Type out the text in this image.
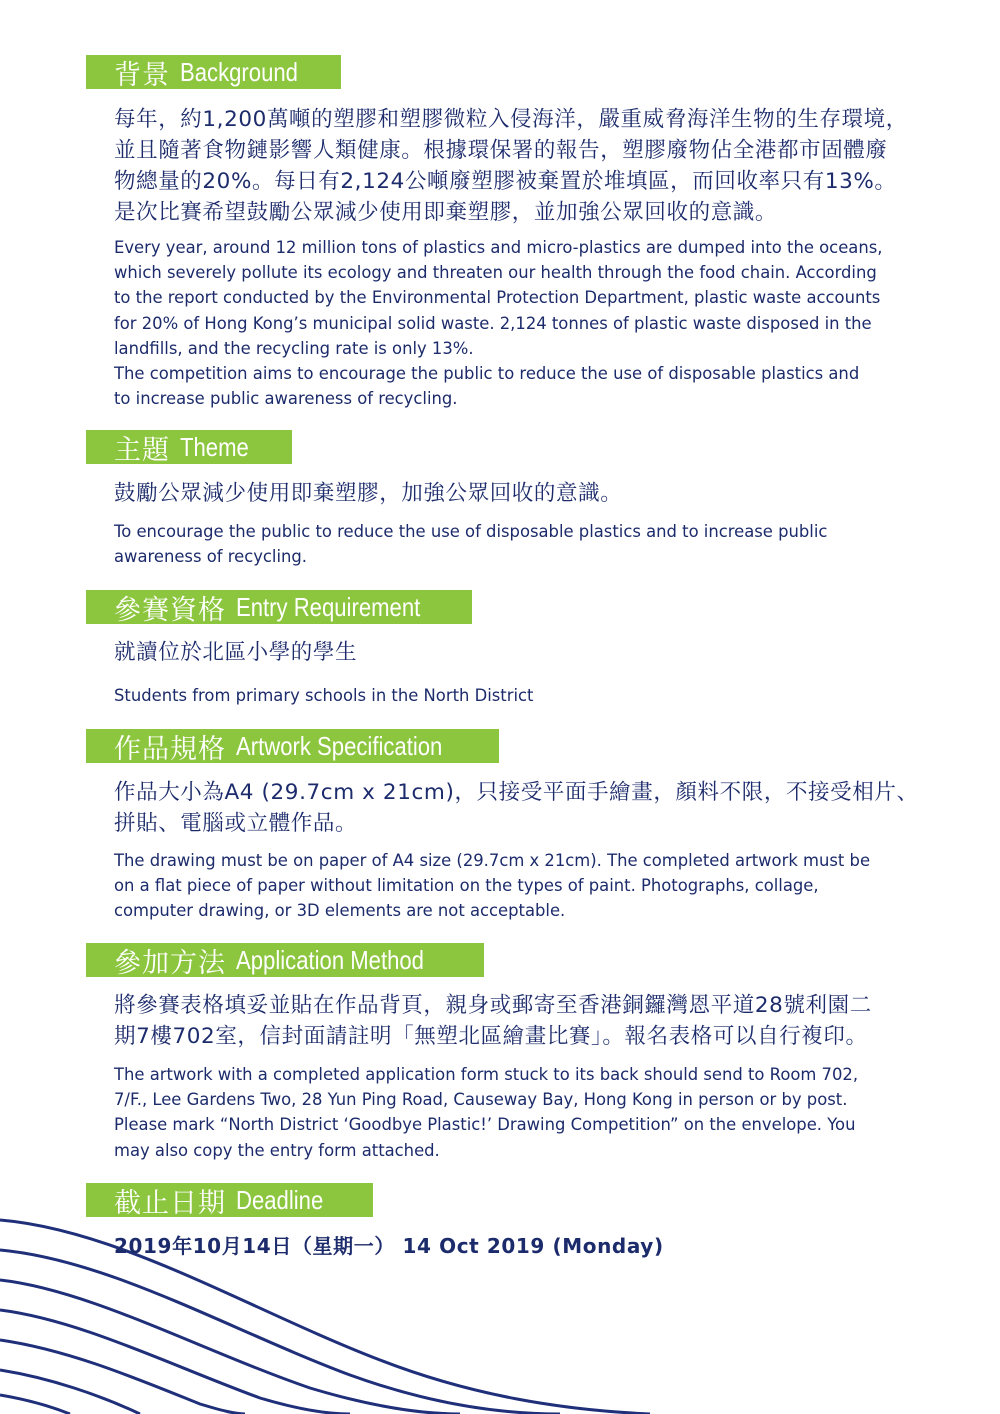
背景 Background
每年，約1,200萬噸的塑膠和塑膠微粒入侵海洋，嚴重威脅海洋生物的生存環境，
並且隨著食物鏈影響人類健康。根據環保署的報告，塑膠廢物佔全港都市固體廢
物總量的20%。每日有2,124公噸廢塑膠被棄置於堆填區，而回收率只有13%。
是次比賽希望鼓勵公眾減少使用即棄塑膠，並加強公眾回收的意識。
Every year, around 12 million tons of plastics and micro-plastics are dumped into the oceans,
which severely pollute its ecology and threaten our health through the food chain. According
to the report conducted by the Environmental Protection Department, plastic waste accounts
for 20% of Hong Kong’s municipal solid waste. 2,124 tonnes of plastic waste disposed in the
landfills, and the recycling rate is only 13%.
The competition aims to encourage the public to reduce the use of disposable plastics and
to increase public awareness of recycling.
主題 Theme
鼓勵公眾減少使用即棄塑膠，加強公眾回收的意識。
To encourage the public to reduce the use of disposable plastics and to increase public
awareness of recycling.
參賽資格 Entry Requirement
就讀位於北區小學的學生
Students from primary schools in the North District
作品規格 Artwork Specification
作品大小為A4 (29.7cm x 21cm)，只接受平面手繪畫，顏料不限，不接受相片、
拼貼、電腦或立體作品。
The drawing must be on paper of A4 size (29.7cm x 21cm). The completed artwork must be
on a flat piece of paper without limitation on the types of paint. Photographs, collage,
computer drawing, or 3D elements are not acceptable.
參加方法 Application Method
將參賽表格填妥並貼在作品背頁，親身或郵寄至香港銅鑼灣恩平道28號利園二
期7樓702室，信封面請註明「無塑北區繪畫比賽」。報名表格可以自行複印。
The artwork with a completed application form stuck to its back should send to Room 702,
7/F., Lee Gardens Two, 28 Yun Ping Road, Causeway Bay, Hong Kong in person or by post.
Please mark “North District ‘Goodbye Plastic!’ Drawing Competition” on the envelope. You
may also copy the entry form attached.
截止日期 Deadline
2019年10月14日（星期一） 14 Oct 2019 (Monday)
